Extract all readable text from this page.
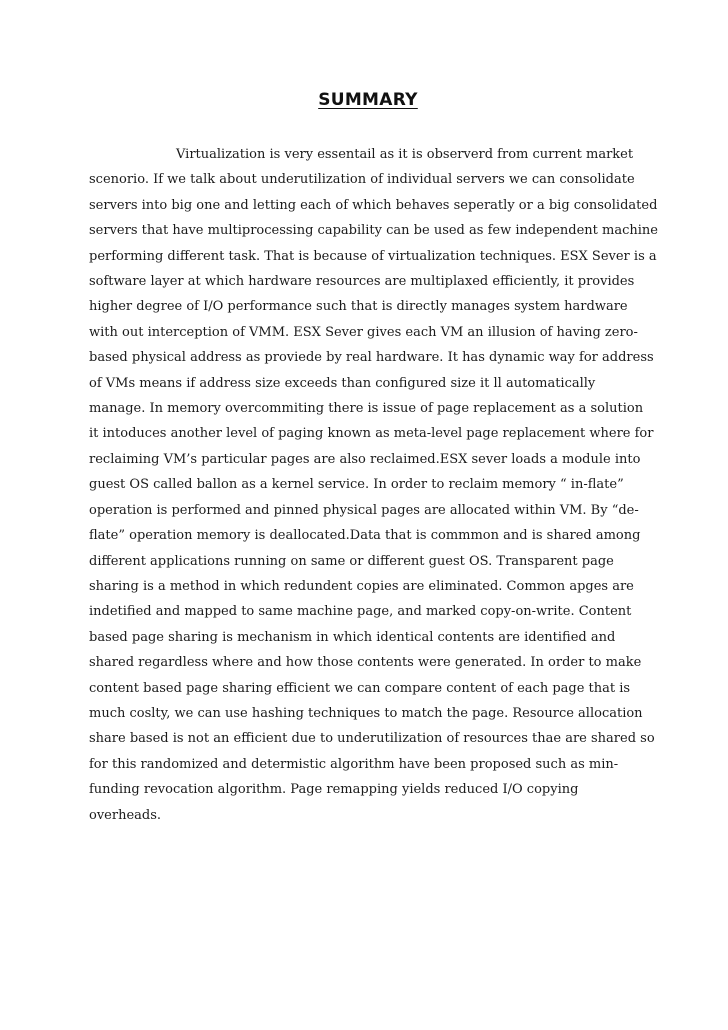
SUMMARY
Virtualization is very essentail as it is observerd from current market
scenorio. If we talk about underutilization of individual servers we can consolidate
servers into big one and letting each of which behaves seperatly or a big consolidated
servers that have multiprocessing capability can be used as few independent machine
performing different task. That is because of virtualization techniques. ESX Sever is a
software layer at which hardware resources are multiplaxed efficiently, it provides
higher degree of I/O performance such that is directly manages system hardware
with out interception of VMM. ESX Sever gives each VM an illusion of having zero-
based physical address as proviede by real hardware. It has dynamic way for address
of VMs means if address size exceeds than configured size it ll automatically
manage. In memory overcommiting there is issue of page replacement as a solution
it intoduces another level of paging known as meta-level page replacement where for
reclaiming VM’s particular pages are also reclaimed.ESX sever loads a module into
guest OS called ballon as a kernel service. In order to reclaim memory “ in-flate”
operation is performed and pinned physical pages are allocated within VM. By “de-
flate” operation memory is deallocated.Data that is commmon and is shared among
different applications running on same or different guest OS. Transparent page
sharing is a method in which redundent copies are eliminated. Common apges are
indetified and mapped to same machine page, and marked copy-on-write. Content
based page sharing is mechanism in which identical contents are identified and
shared regardless where and how those contents were generated. In order to make
content based page sharing efficient we can compare content of each page that is
much coslty, we can use hashing techniques to match the page. Resource allocation
share based is not an efficient due to underutilization of resources thae are shared so
for this randomized and determistic algorithm have been proposed such as min-
funding revocation algorithm. Page remapping yields reduced I/O copying
overheads.
